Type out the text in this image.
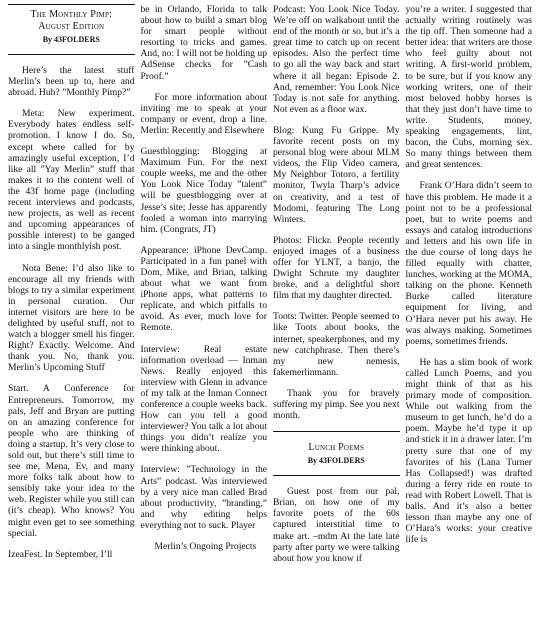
The Monthly Pimp:
August Edition
By 43FOLDERS

Here’s the latest stuff Merlin’s been up to, here and abroad. Huh? ”Monthly Pimp?”

Meta: New experiment. Everybody hates endless self-promotion. I know I do. So, except where called for by amazingly useful exception, I’d like all ”Yay Merlin” stuff that makes it to the content well of the 43f home page (including recent interviews and podcasts, new projects, as well as recent and upcoming appearances of possible interest) to be ganged into a single monthlyish post.

Nota Bene: I’d also like to encourage all my friends with blogs to try a similar experiment in personal curation. Our internet visitors are here to be delighted by useful stuff, not to watch a blogger smell his finger. Right? Exactly. Welcome. And thank you. No, thank you. Merlin’s Upcoming Stuff

Start. A Conference for Entrepreneurs. Tomorrow, my pals, Jeff and Bryan are putting on an amazing conference for people who are thinking of doing a startup. It’s very close to sold out, but there’s still time to see me, Mena, Ev, and many more folks talk about how to sensibly take your idea to the web. Register while you still can (it’s cheap). Who knows? You might even get to see something special.

IzeaFest. In September, I’ll

be in Orlando, Florida to talk about how to build a smart blog for smart people without resorting to tricks and games. And, no: I will not be holding up AdSense checks for ”Cash Proof.”

For more information about inviting me to speak at your company or event, drop a line. Merlin: Recently and Elsewhere

Guestblogging: Blogging at Maximum Fun. For the next couple weeks, me and the other You Look Nice Today ”talent” will be guestblogging over at Jesse’s site; Jesse has apparently fooled a woman into marrying him. (Congrats, JT)

Appearance: iPhone DevCamp. Participated in a fun panel with Dom, Mike, and Brian, talking about what we want from iPhone apps, what patterns to replicate, and which pitfalls to avoid. As ever, much love for Remote.

Interview: Real estate information overload — Inman News. Really enjoyed this interview with Glenn in advance of my talk at the Inman Connect conference a couple weeks back. How can you tell a good interviewer? You talk a lot about things you didn’t realize you were thinking about.

Interview: ”Technology in the Arts” podcast. Was interviewed by a very nice man called Brad about productivity, ”branding,” and why editing helps everything not to suck. Player

Merlin’s Ongoing Projects

Podcast: You Look Nice Today. We’re off on walkabout until the end of the month or so, but it’s a great time to catch up on recent episodes. Also the perfect time to go all the way back and start where it all began: Episode 2. And, remember: You Look Nice Today is not safe for anything. Not even as a floor wax.

Blog: Kung Fu Grippe. My favorite recent posts on my personal blog were about MLM videos, the Flip Video camera, My Neighbor Totoro, a fertility monitor, Twyla Tharp’s advice on creativity, and a test of Modomi, featuring The Long Winters.

Photos: Flickr. People recently enjoyed images of a business offer for YLNT, a banjo, the Dwight Schrute my daughter broke, and a delightful short film that my daughter directed.

Toots: Twitter. People seemed to like Toots about books, the internet, speakerphones, and my new catchphrase. Then there’s my new nemesis, fakemerlinmann.

Thank you for bravely suffering my pimp. See you next month.

Lunch Poems
By 43FOLDERS

Guest post from our pal, Brian, on how one of my favorite poets of the 60s captured interstitial time to make art. –mdm At the late late party after party we were talking about how you know if

you’re a writer. I suggested that actually writing routinely was the tip off. Then someone had a better idea: that writers are those who feel guilty about not writing. A first-world problem, to be sure, but if you know any working writers, one of their most beloved hobby horses is that they just don’t have time to write. Students, money, speaking engagements, lint, bacon, the Cubs, morning sex. So many things between them and great sentences.

Frank O’Hara didn’t seem to have this problem. He made it a point not to be a professional poet, but to write poems and essays and catalog introductions and letters and his own life in the due course of long days he filled equally with chatter, lunches, working at the MOMA, talking on the phone. Kenneth Burke called literature equipment for living, and O’Hara never put his away. He was always making. Sometimes poems, sometimes friends.

He has a slim book of work called Lunch Poems, and you might think of that as his primary mode of composition. While out walking from the museum to get lunch, he’d do a poem. Maybe he’d type it up and stick it in a drawer later. I’m pretty sure that one of my favorites of his (Lana Turner Has Collapsed!) was drafted during a ferry ride en route to read with Robert Lowell. That is balls. And it’s also a better lesson than maybe any one of O’Hara’s works: your creative life is
